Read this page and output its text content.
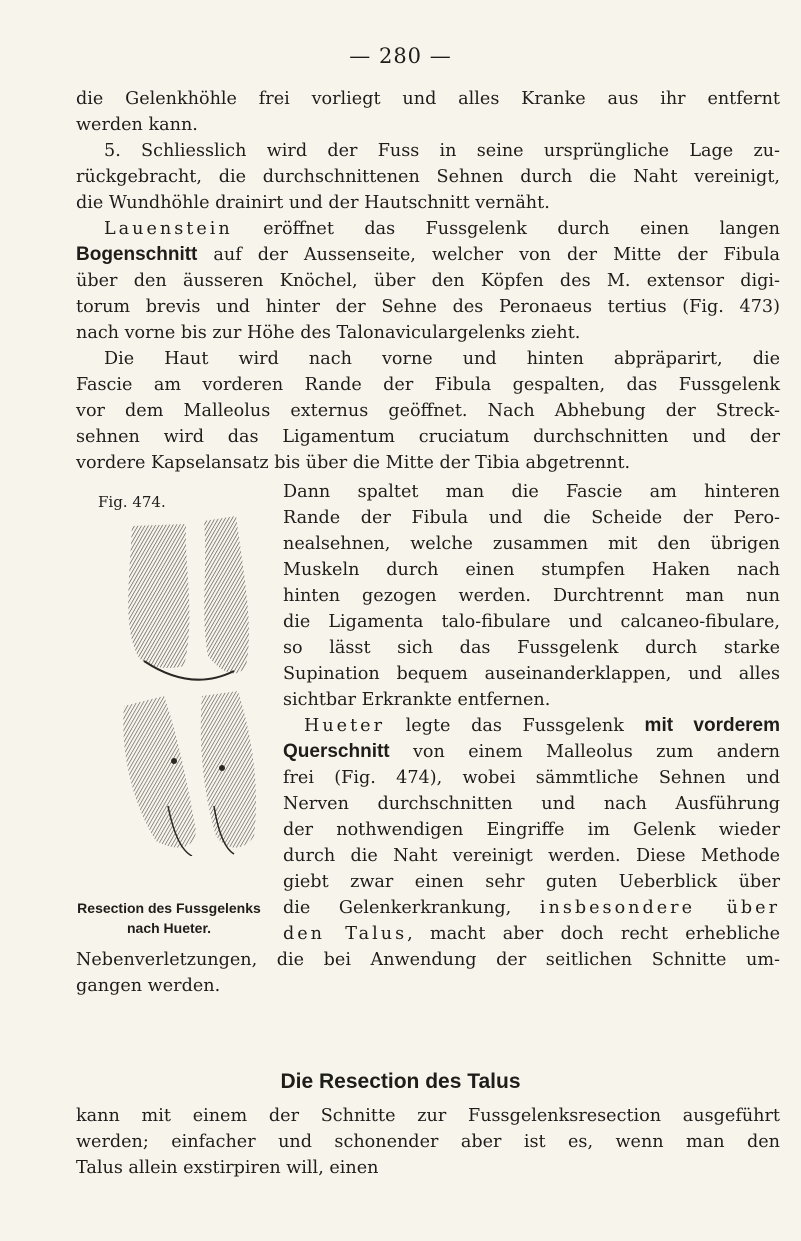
— 280 —
die Gelenkhöhle frei vorliegt und alles Kranke aus ihr entfernt
werden kann.
5. Schliesslich wird der Fuss in seine ursprüngliche Lage zu-
rückgebracht, die durchschnittenen Sehnen durch die Naht vereinigt,
die Wundhöhle drainirt und der Hautschnitt vernäht.
Lauenstein eröffnet das Fussgelenk durch einen langen
Bogenschnitt auf der Aussenseite, welcher von der Mitte der Fibula
über den äusseren Knöchel, über den Köpfen des M. extensor digi-
torum brevis und hinter der Sehne des Peronaeus tertius (Fig. 473)
nach vorne bis zur Höhe des Talonaviculargelenks zieht.
Die Haut wird nach vorne und hinten abpräparirt, die
Fascie am vorderen Rande der Fibula gespalten, das Fussgelenk
vor dem Malleolus externus geöffnet. Nach Abhebung der Streck-
sehnen wird das Ligamentum cruciatum durchschnitten und der
vordere Kapselansatz bis über die Mitte der Tibia abgetrennt.
Fig. 474.	Dann spaltet man die Fascie am hinteren
Rande der Fibula und die Scheide der Pero-
nealsehnen, welche zusammen mit den übrigen
Muskeln durch einen stumpfen Haken nach
hinten gezogen werden. Durchtrennt man nun
die Ligamenta talo-fibulare und calcaneo-fibulare,
so lässt sich das Fussgelenk durch starke
Supination bequem auseinanderklappen, und alles
sichtbar Erkrankte entfernen.
Hueter legte das Fussgelenk mit vorderem
Querschnitt von einem Malleolus zum andern
frei (Fig. 474), wobei sämmtliche Sehnen und
Nerven durchschnitten und nach Ausführung
der nothwendigen Eingriffe im Gelenk wieder
durch die Naht vereinigt werden. Diese Methode
giebt zwar einen sehr guten Ueberblick über
die Gelenkerkrankung, insbesondere über
den Talus, macht aber doch recht erhebliche
Resection des Fussgelenks
nach Hueter.
Nebenverletzungen, die bei Anwendung der seitlichen Schnitte um-
gangen werden.
Die Resection des Talus
kann mit einem der Schnitte zur Fussgelenksresection ausgeführt
werden; einfacher und schonender aber ist es, wenn man den
Talus allein exstirpiren will, einen
